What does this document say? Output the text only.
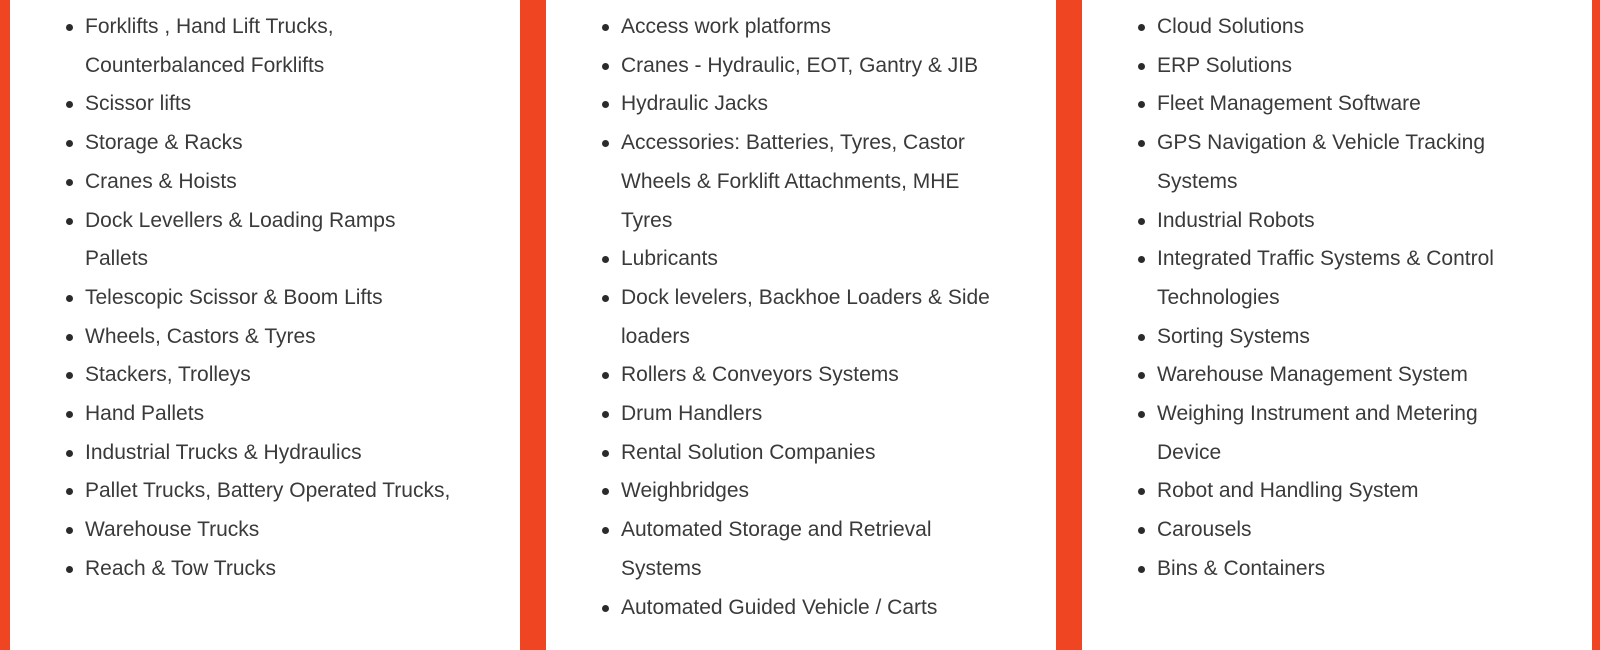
Forklifts , Hand Lift Trucks, Counterbalanced Forklifts
Scissor lifts
Storage & Racks
Cranes & Hoists
Dock Levellers & Loading Ramps Pallets
Telescopic Scissor & Boom Lifts
Wheels, Castors & Tyres
Stackers, Trolleys
Hand Pallets
Industrial Trucks & Hydraulics
Pallet Trucks, Battery Operated Trucks,
Warehouse Trucks
Reach & Tow Trucks
Access work platforms
Cranes - Hydraulic, EOT, Gantry & JIB
Hydraulic Jacks
Accessories: Batteries, Tyres, Castor Wheels & Forklift Attachments, MHE Tyres
Lubricants
Dock levelers, Backhoe Loaders & Side loaders
Rollers & Conveyors Systems
Drum Handlers
Rental Solution Companies
Weighbridges
Automated Storage and Retrieval Systems
Automated Guided Vehicle / Carts
Cloud Solutions
ERP Solutions
Fleet Management Software
GPS Navigation & Vehicle Tracking Systems
Industrial Robots
Integrated Traffic Systems & Control Technologies
Sorting Systems
Warehouse Management System
Weighing Instrument and Metering Device
Robot and Handling System
Carousels
Bins & Containers
